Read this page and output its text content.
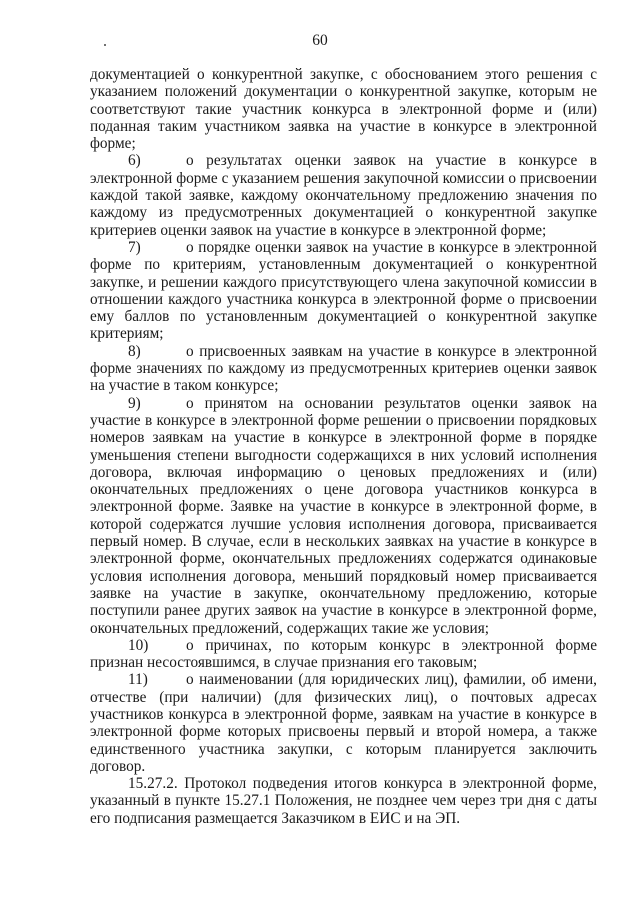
60

документацией о конкурентной закупке, с обоснованием этого решения с указанием положений документации о конкурентной закупке, которым не соответствуют такие участник конкурса в электронной форме и (или) поданная таким участником заявка на участие в конкурсе в электронной форме;

6)	о результатах оценки заявок на участие в конкурсе в электронной форме с указанием решения закупочной комиссии о присвоении каждой такой заявке, каждому окончательному предложению значения по каждому из предусмотренных документацией о конкурентной закупке критериев оценки заявок на участие в конкурсе в электронной форме;

7)	о порядке оценки заявок на участие в конкурсе в электронной форме по критериям, установленным документацией о конкурентной закупке, и решении каждого присутствующего члена закупочной комиссии в отношении каждого участника конкурса в электронной форме о присвоении ему баллов по установленным документацией о конкурентной закупке критериям;

8)	о присвоенных заявкам на участие в конкурсе в электронной форме значениях по каждому из предусмотренных критериев оценки заявок на участие в таком конкурсе;

9)	о принятом на основании результатов оценки заявок на участие в конкурсе в электронной форме решении о присвоении порядковых номеров заявкам на участие в конкурсе в электронной форме в порядке уменьшения степени выгодности содержащихся в них условий исполнения договора, включая информацию о ценовых предложениях и (или) окончательных предложениях о цене договора участников конкурса в электронной форме. Заявке на участие в конкурсе в электронной форме, в которой содержатся лучшие условия исполнения договора, присваивается первый номер. В случае, если в нескольких заявках на участие в конкурсе в электронной форме, окончательных предложениях содержатся одинаковые условия исполнения договора, меньший порядковый номер присваивается заявке на участие в закупке, окончательному предложению, которые поступили ранее других заявок на участие в конкурсе в электронной форме, окончательных предложений, содержащих такие же условия;

10) о причинах, по которым конкурс в электронной форме признан несостоявшимся, в случае признания его таковым;

11) о наименовании (для юридических лиц), фамилии, об имени, отчестве (при наличии) (для физических лиц), о почтовых адресах участников конкурса в электронной форме, заявкам на участие в конкурсе в электронной форме которых присвоены первый и второй номера, а также единственного участника закупки, с которым планируется заключить договор.

15.27.2. Протокол подведения итогов конкурса в электронной форме, указанный в пункте 15.27.1 Положения, не позднее чем через три дня с даты его подписания размещается Заказчиком в ЕИС и на ЭП.
